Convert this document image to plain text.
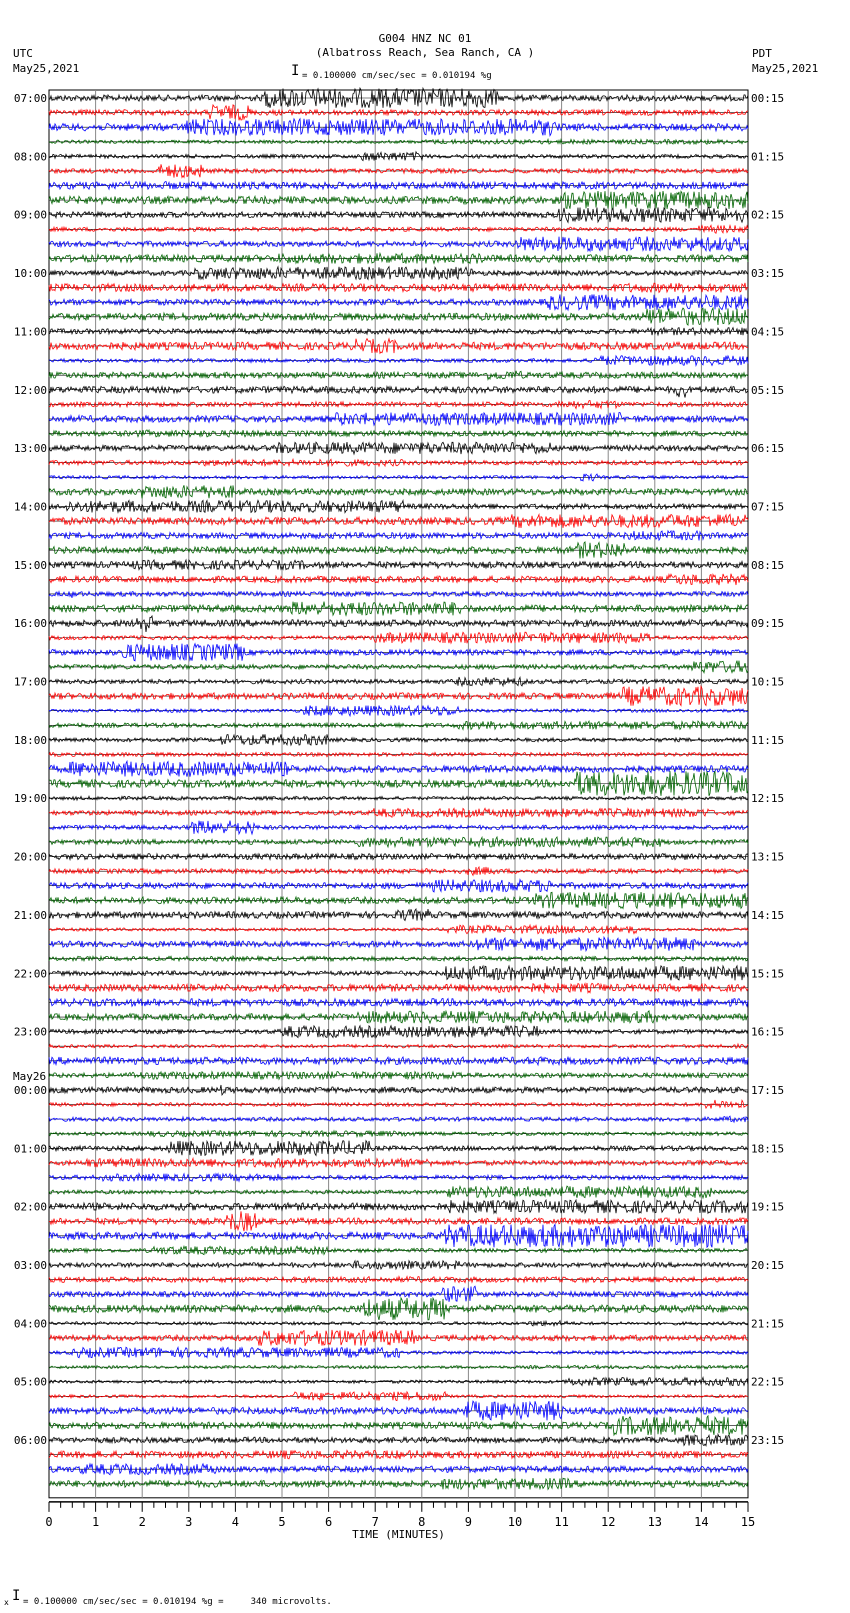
G004 HNZ NC 01
(Albatross Reach, Sea Ranch, CA )
UTC
May25,2021
PDT
May25,2021
I = 0.100000 cm/sec/sec = 0.010194 %g
07:00
08:00
09:00
10:00
11:00
12:00
13:00
14:00
15:00
16:00
17:00
18:00
19:00
20:00
21:00
22:00
23:00
00:00
May26
01:00
02:00
03:00
04:00
05:00
06:00
00:15
01:15
02:15
03:15
04:15
05:15
06:15
07:15
08:15
09:15
10:15
11:15
12:15
13:15
14:15
15:15
16:15
17:15
18:15
19:15
20:15
21:15
22:15
23:15
0	1	2	3	4	5	6	7	8	9	10	11	12	13	14	15
TIME (MINUTES)
x I = 0.100000 cm/sec/sec = 0.010194 %g =     340 microvolts.
